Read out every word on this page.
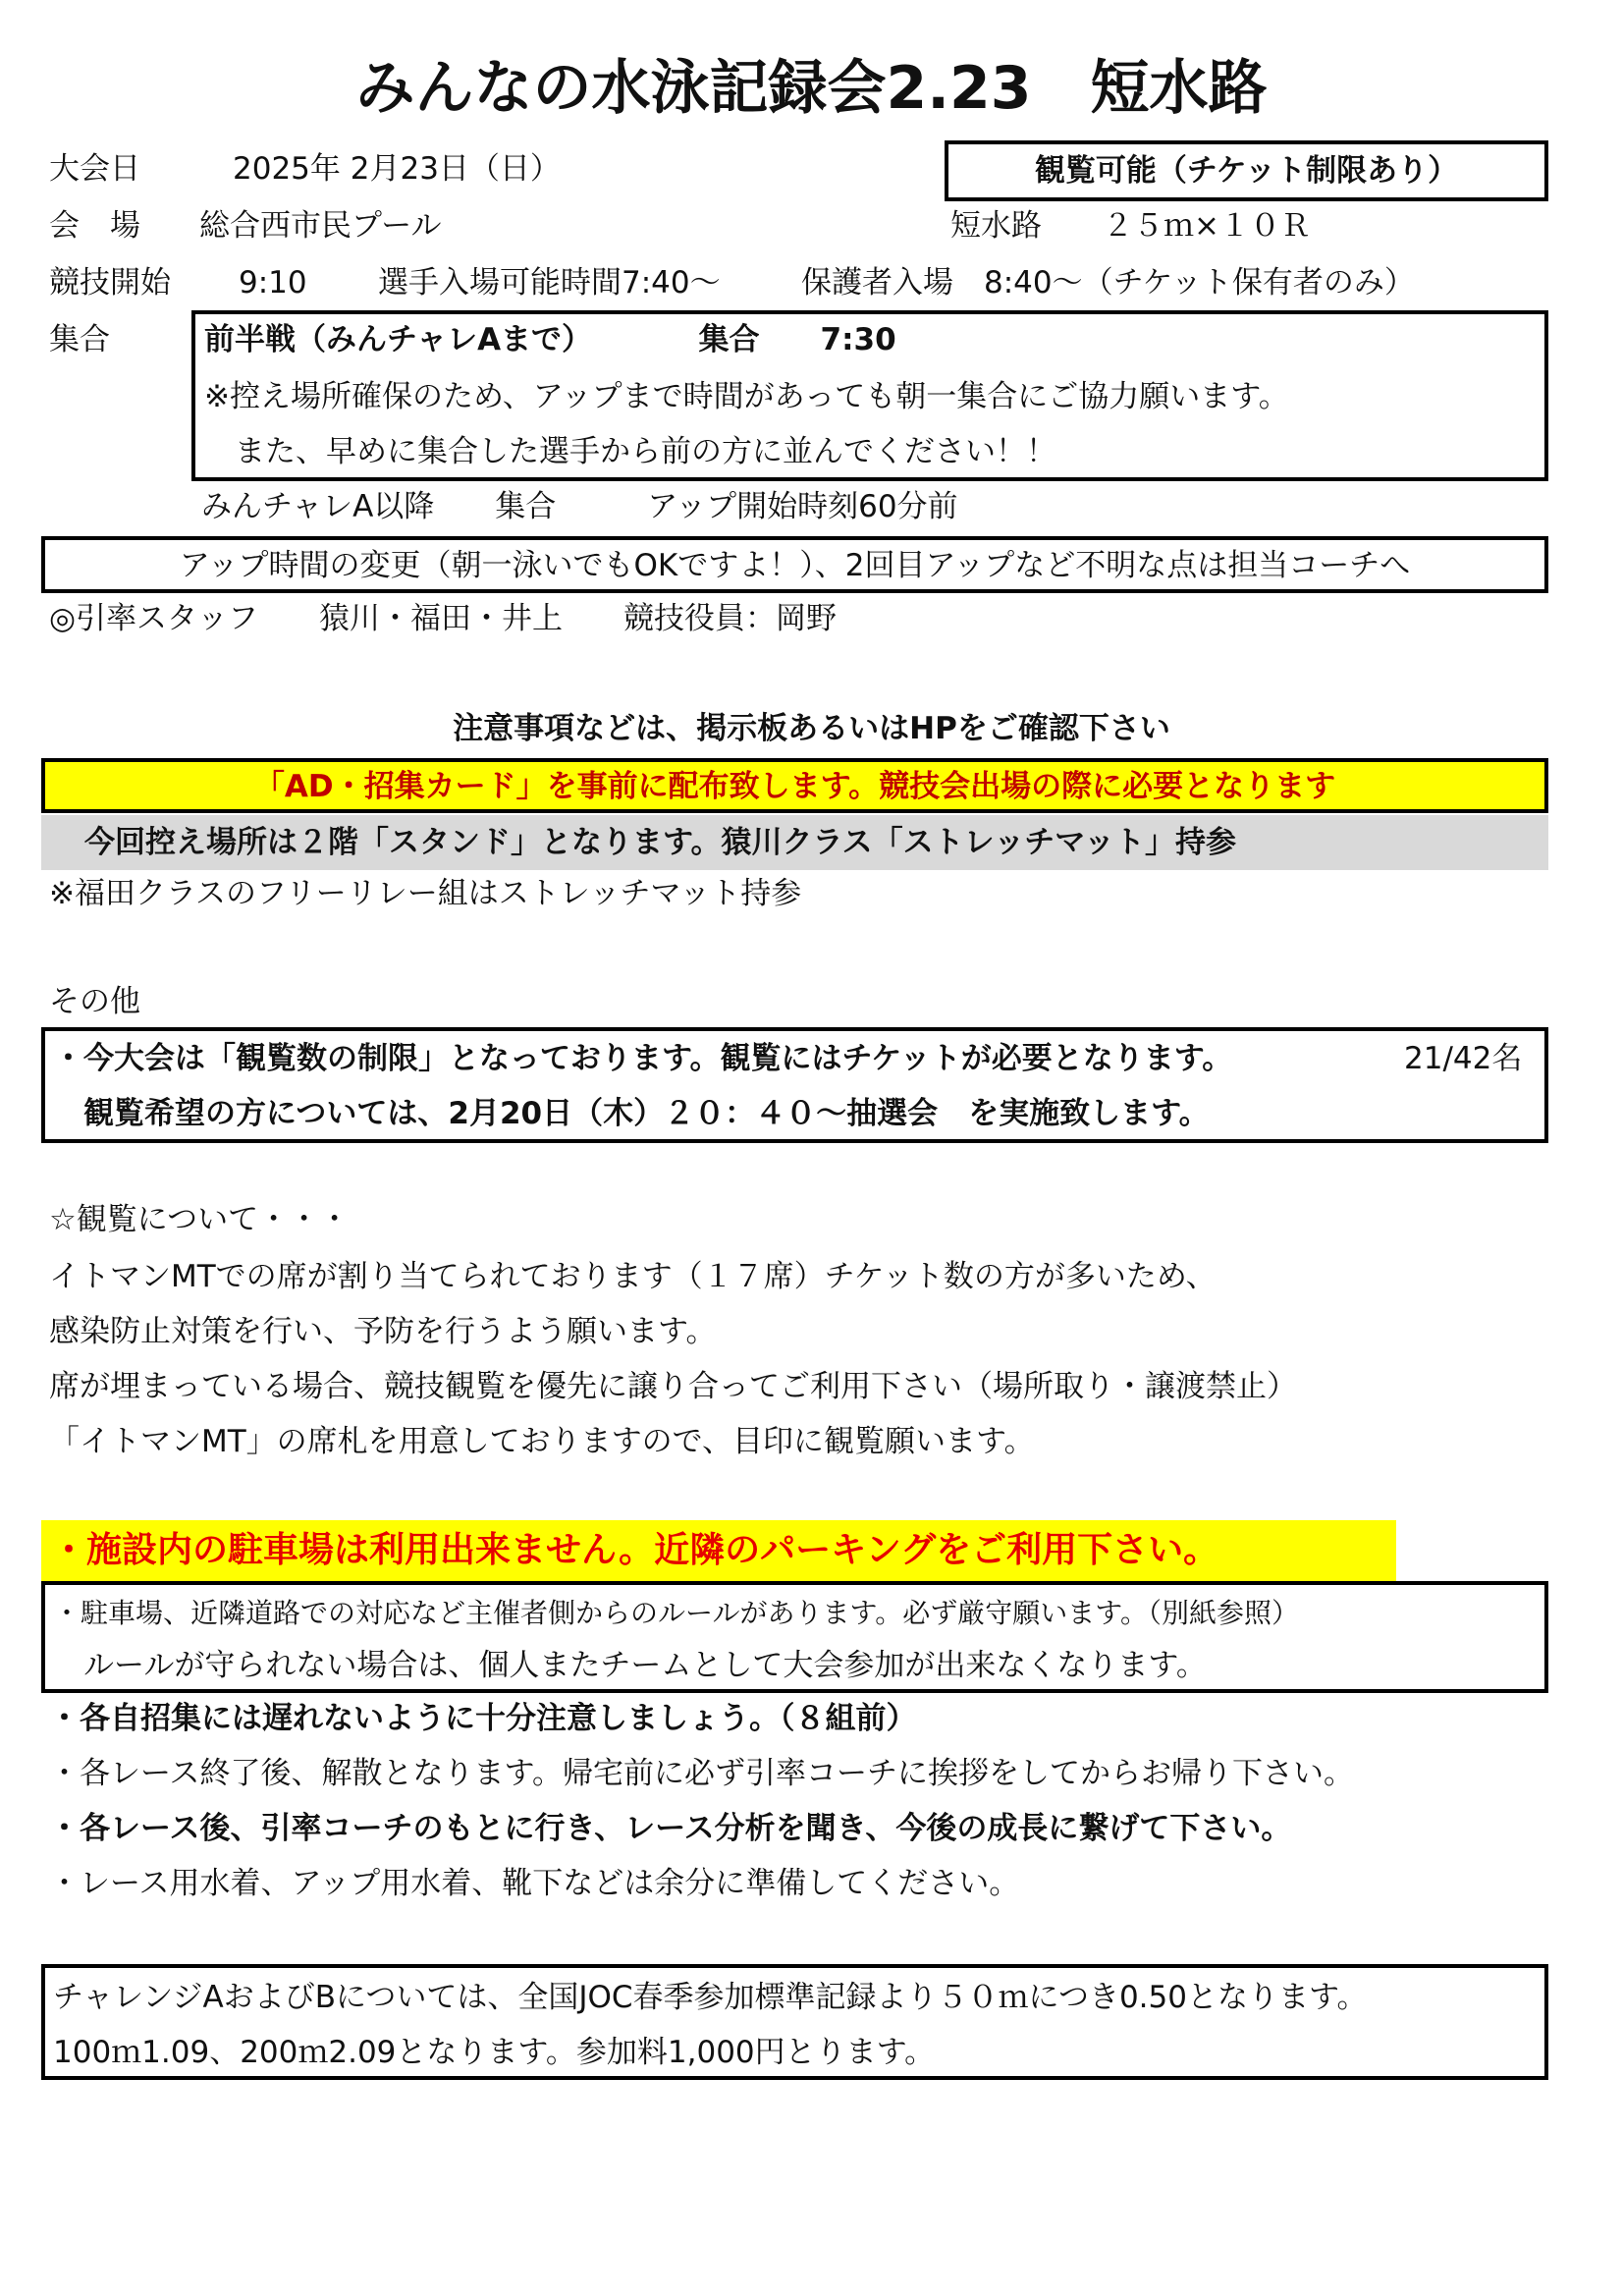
みんなの水泳記録会2.23　短水路
大会日	2025年 2月23日（日）	観覧可能（チケット制限あり）
会　場 総合西市民プール	短水路　　２５ｍ×１０Ｒ
競技開始 9:10 選手入場可能時間7:40～	保護者入場　8:40～（チケット保有者のみ）
集合	前半戦（みんチャレAまで）　　　　集合　　7:30
※控え場所確保のため、アップまで時間があっても朝一集合にご協力願います。
　また、早めに集合した選手から前の方に並んでください！！
みんチャレA以降　　集合　　　アップ開始時刻60分前
アップ時間の変更（朝一泳いでもOKですよ！）、2回目アップなど不明な点は担当コーチへ
◎引率スタッフ　　猿川・福田・井上　　競技役員：岡野
注意事項などは、掲示板あるいはHPをご確認下さい
「AD・招集カード」を事前に配布致します。競技会出場の際に必要となります
今回控え場所は２階「スタンド」となります。猿川クラス「ストレッチマット」持参
※福田クラスのフリーリレー組はストレッチマット持参
その他
・今大会は「観覧数の制限」となっております。観覧にはチケットが必要となります。	21/42名
　観覧希望の方については、2月20日（木）２０：４０～抽選会　を実施致します。
☆観覧について・・・
イトマンMTでの席が割り当てられております（１７席）チケット数の方が多いため、
感染防止対策を行い、予防を行うよう願います。
席が埋まっている場合、競技観覧を優先に譲り合ってご利用下さい（場所取り・譲渡禁止）
「イトマンMT」の席札を用意しておりますので、目印に観覧願います。
・施設内の駐車場は利用出来ません。近隣のパーキングをご利用下さい。
・駐車場、近隣道路での対応など主催者側からのルールがあります。必ず厳守願います。（別紙参照）
　ルールが守られない場合は、個人またチームとして大会参加が出来なくなります。
・各自招集には遅れないように十分注意しましょう。（８組前）
・各レース終了後、解散となります。帰宅前に必ず引率コーチに挨拶をしてからお帰り下さい。
・各レース後、引率コーチのもとに行き、レース分析を聞き、今後の成長に繋げて下さい。
・レース用水着、アップ用水着、靴下などは余分に準備してください。
チャレンジAおよびBについては、全国JOC春季参加標準記録より５０ｍにつき0.50となります。
100ｍ1.09、200ｍ2.09となります。参加料1,000円とります。
